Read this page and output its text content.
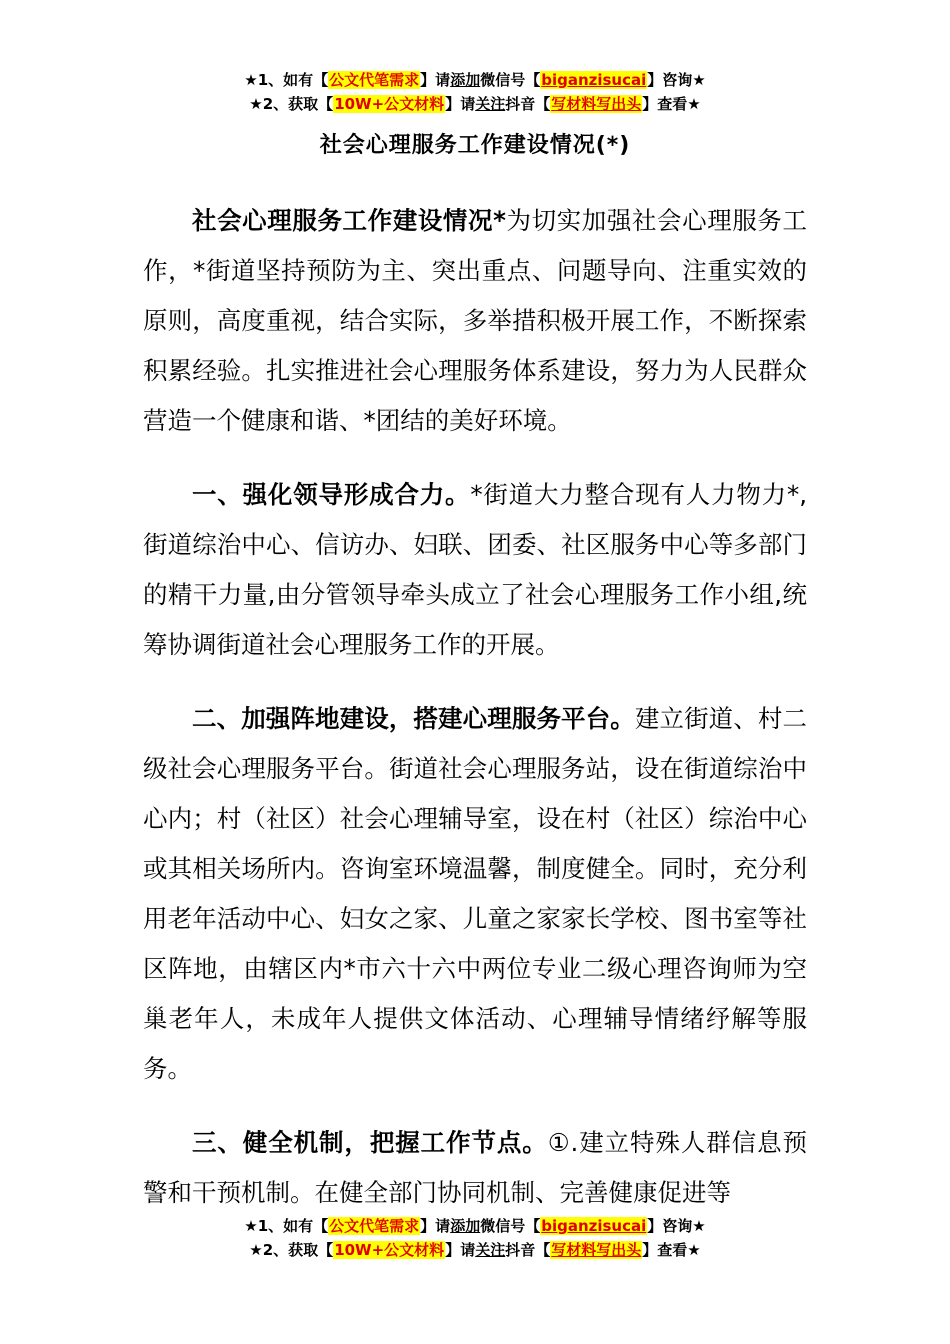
★1、如有【公文代笔需求】请添加微信号【biganzisucai】咨询★
★2、获取【10W+公文材料】请关注抖音【写材料写出头】查看★
社会心理服务工作建设情况(*)

社会心理服务工作建设情况*为切实加强社会心理服务工作，*街道坚持预防为主、突出重点、问题导向、注重实效的原则，高度重视，结合实际，多举措积极开展工作，不断探索积累经验。扎实推进社会心理服务体系建设，努力为人民群众营造一个健康和谐、*团结的美好环境。

一、强化领导形成合力。*街道大力整合现有人力物力*,街道综治中心、信访办、妇联、团委、社区服务中心等多部门的精干力量,由分管领导牵头成立了社会心理服务工作小组,统筹协调街道社会心理服务工作的开展。

二、加强阵地建设，搭建心理服务平台。建立街道、村二级社会心理服务平台。街道社会心理服务站，设在街道综治中心内；村（社区）社会心理辅导室，设在村（社区）综治中心或其相关场所内。咨询室环境温馨，制度健全。同时，充分利用老年活动中心、妇女之家、儿童之家家长学校、图书室等社区阵地，由辖区内*市六十六中两位专业二级心理咨询师为空巢老年人，未成年人提供文体活动、心理辅导情绪纾解等服务。

三、健全机制，把握工作节点。①.建立特殊人群信息预警和干预机制。在健全部门协同机制、完善健康促进等

★1、如有【公文代笔需求】请添加微信号【biganzisucai】咨询★
★2、获取【10W+公文材料】请关注抖音【写材料写出头】查看★
